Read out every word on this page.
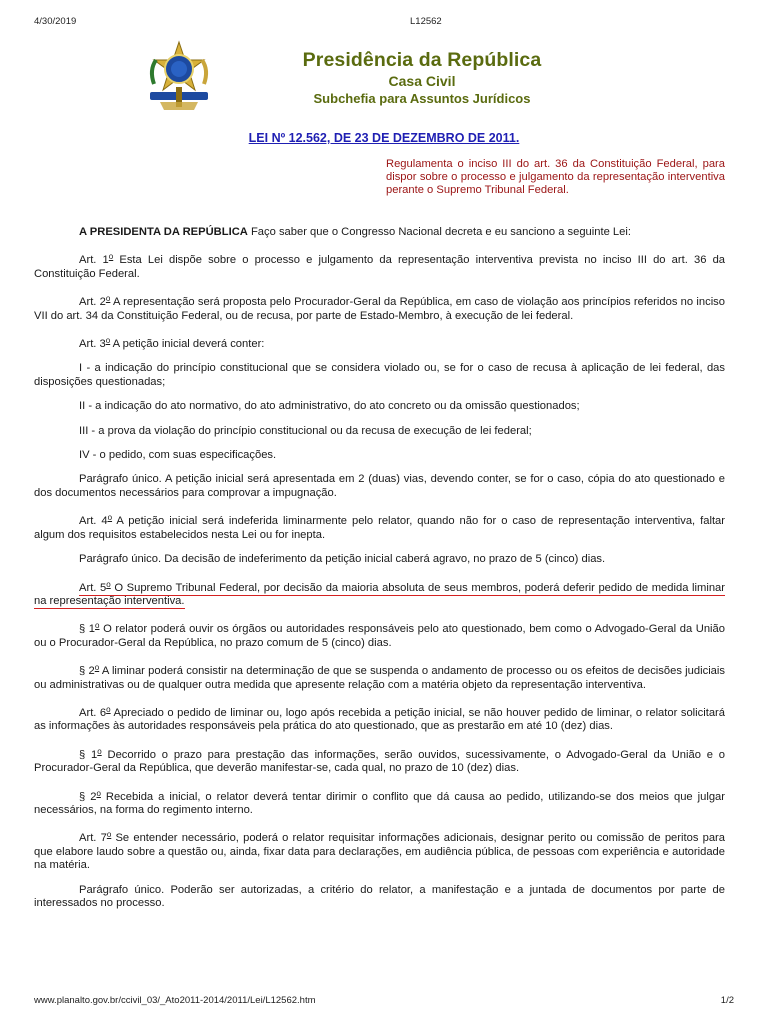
4/30/2019	L12562
Presidência da República
Casa Civil
Subchefia para Assuntos Jurídicos
LEI Nº 12.562, DE 23 DE DEZEMBRO DE 2011.
Regulamenta o inciso III do art. 36 da Constituição Federal, para dispor sobre o processo e julgamento da representação interventiva perante o Supremo Tribunal Federal.

A PRESIDENTA DA REPÚBLICA Faço saber que o Congresso Nacional decreta e eu sanciono a seguinte Lei:

Art. 1$^o$ Esta Lei dispõe sobre o processo e julgamento da representação interventiva prevista no inciso III do art. 36 da Constituição Federal.

Art. 2$^o$ A representação será proposta pelo Procurador-Geral da República, em caso de violação aos princípios referidos no inciso VII do art. 34 da Constituição Federal, ou de recusa, por parte de Estado-Membro, à execução de lei federal.

Art. 3$^o$ A petição inicial deverá conter:

I - a indicação do princípio constitucional que se considera violado ou, se for o caso de recusa à aplicação de lei federal, das disposições questionadas;

II - a indicação do ato normativo, do ato administrativo, do ato concreto ou da omissão questionados;

III - a prova da violação do princípio constitucional ou da recusa de execução de lei federal;

IV - o pedido, com suas especificações.

Parágrafo único. A petição inicial será apresentada em 2 (duas) vias, devendo conter, se for o caso, cópia do ato questionado e dos documentos necessários para comprovar a impugnação.

Art. 4$^o$ A petição inicial será indeferida liminarmente pelo relator, quando não for o caso de representação interventiva, faltar algum dos requisitos estabelecidos nesta Lei ou for inepta.

Parágrafo único. Da decisão de indeferimento da petição inicial caberá agravo, no prazo de 5 (cinco) dias.

Art. 5$^o$ O Supremo Tribunal Federal, por decisão da maioria absoluta de seus membros, poderá deferir pedido de medida liminar na representação interventiva.

§ 1$^o$ O relator poderá ouvir os órgãos ou autoridades responsáveis pelo ato questionado, bem como o Advogado-Geral da União ou o Procurador-Geral da República, no prazo comum de 5 (cinco) dias.

§ 2$^o$ A liminar poderá consistir na determinação de que se suspenda o andamento de processo ou os efeitos de decisões judiciais ou administrativas ou de qualquer outra medida que apresente relação com a matéria objeto da representação interventiva.

Art. 6$^o$ Apreciado o pedido de liminar ou, logo após recebida a petição inicial, se não houver pedido de liminar, o relator solicitará as informações às autoridades responsáveis pela prática do ato questionado, que as prestarão em até 10 (dez) dias.

§ 1$^o$ Decorrido o prazo para prestação das informações, serão ouvidos, sucessivamente, o Advogado-Geral da União e o Procurador-Geral da República, que deverão manifestar-se, cada qual, no prazo de 10 (dez) dias.

§ 2$^o$ Recebida a inicial, o relator deverá tentar dirimir o conflito que dá causa ao pedido, utilizando-se dos meios que julgar necessários, na forma do regimento interno.

Art. 7$^o$ Se entender necessário, poderá o relator requisitar informações adicionais, designar perito ou comissão de peritos para que elabore laudo sobre a questão ou, ainda, fixar data para declarações, em audiência pública, de pessoas com experiência e autoridade na matéria.

Parágrafo único. Poderão ser autorizadas, a critério do relator, a manifestação e a juntada de documentos por parte de interessados no processo.

www.planalto.gov.br/ccivil_03/_Ato2011-2014/2011/Lei/L12562.htm	1/2
